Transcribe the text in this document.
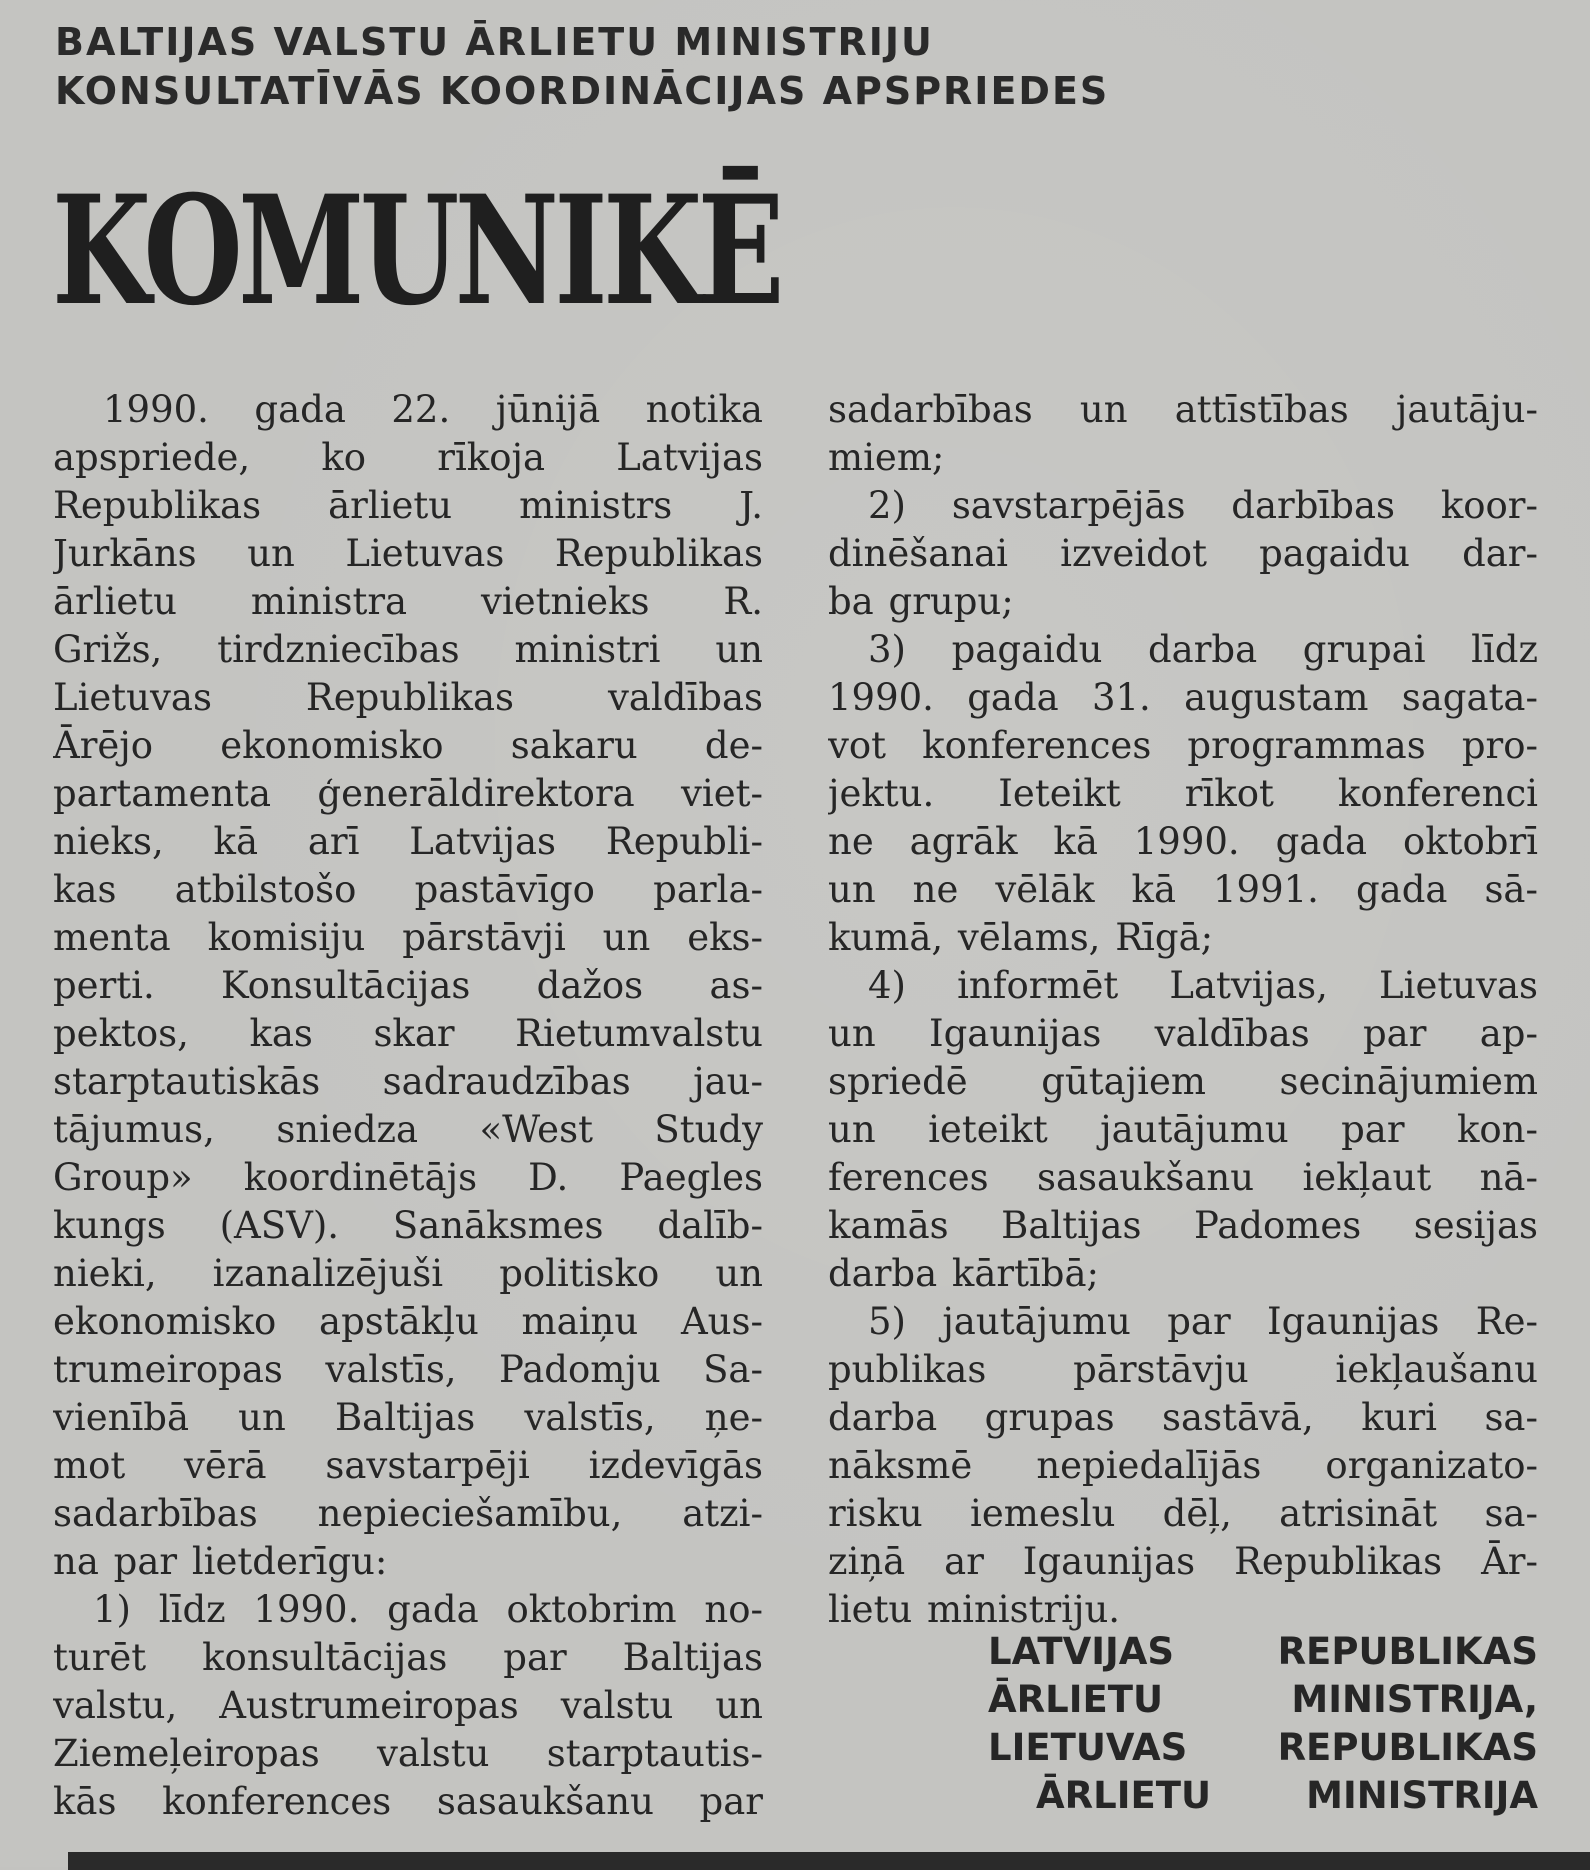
BALTIJAS VALSTU ĀRLIETU MINISTRIJU
KONSULTATĪVĀS KOORDINĀCIJAS APSPRIEDES
KOMUNIKĒ
1990. gada 22. jūnijā notika
apspriede, ko rīkoja Latvijas
Republikas ārlietu ministrs J.
Jurkāns un Lietuvas Republikas
ārlietu ministra vietnieks R.
Grižs, tirdzniecības ministri un
Lietuvas Republikas valdības
Ārējo ekonomisko sakaru de-
partamenta ģenerāldirektora viet-
nieks, kā arī Latvijas Republi-
kas atbilstošo pastāvīgo parla-
menta komisiju pārstāvji un eks-
perti. Konsultācijas dažos as-
pektos, kas skar Rietumvalstu
starptautiskās sadraudzības jau-
tājumus, sniedza «West Study
Group» koordinētājs D. Paegles
kungs (ASV). Sanāksmes dalīb-
nieki, izanalizējuši politisko un
ekonomisko apstākļu maiņu Aus-
trumeiropas valstīs, Padomju Sa-
vienībā un Baltijas valstīs, ņe-
mot vērā savstarpēji izdevīgās
sadarbības nepieciešamību, atzi-
na par lietderīgu:
1) līdz 1990. gada oktobrim no-
turēt konsultācijas par Baltijas
valstu, Austrumeiropas valstu un
Ziemeļeiropas valstu starptautis-
kās konferences sasaukšanu par
sadarbības un attīstības jautāju-
miem;
2) savstarpējās darbības koor-
dinēšanai izveidot pagaidu dar-
ba grupu;
3) pagaidu darba grupai līdz
1990. gada 31. augustam sagata-
vot konferences programmas pro-
jektu. Ieteikt rīkot konferenci
ne agrāk kā 1990. gada oktobrī
un ne vēlāk kā 1991. gada sā-
kumā, vēlams, Rīgā;
4) informēt Latvijas, Lietuvas
un Igaunijas valdības par ap-
spriedē gūtajiem secinājumiem
un ieteikt jautājumu par kon-
ferences sasaukšanu iekļaut nā-
kamās Baltijas Padomes sesijas
darba kārtībā;
5) jautājumu par Igaunijas Re-
publikas pārstāvju iekļaušanu
darba grupas sastāvā, kuri sa-
nāksmē nepiedalījās organizato-
risku iemeslu dēļ, atrisināt sa-
ziņā ar Igaunijas Republikas Ār-
lietu ministriju.
LATVIJAS REPUBLIKAS
ĀRLIETU MINISTRIJA,
LIETUVAS REPUBLIKAS
ĀRLIETU MINISTRIJA
